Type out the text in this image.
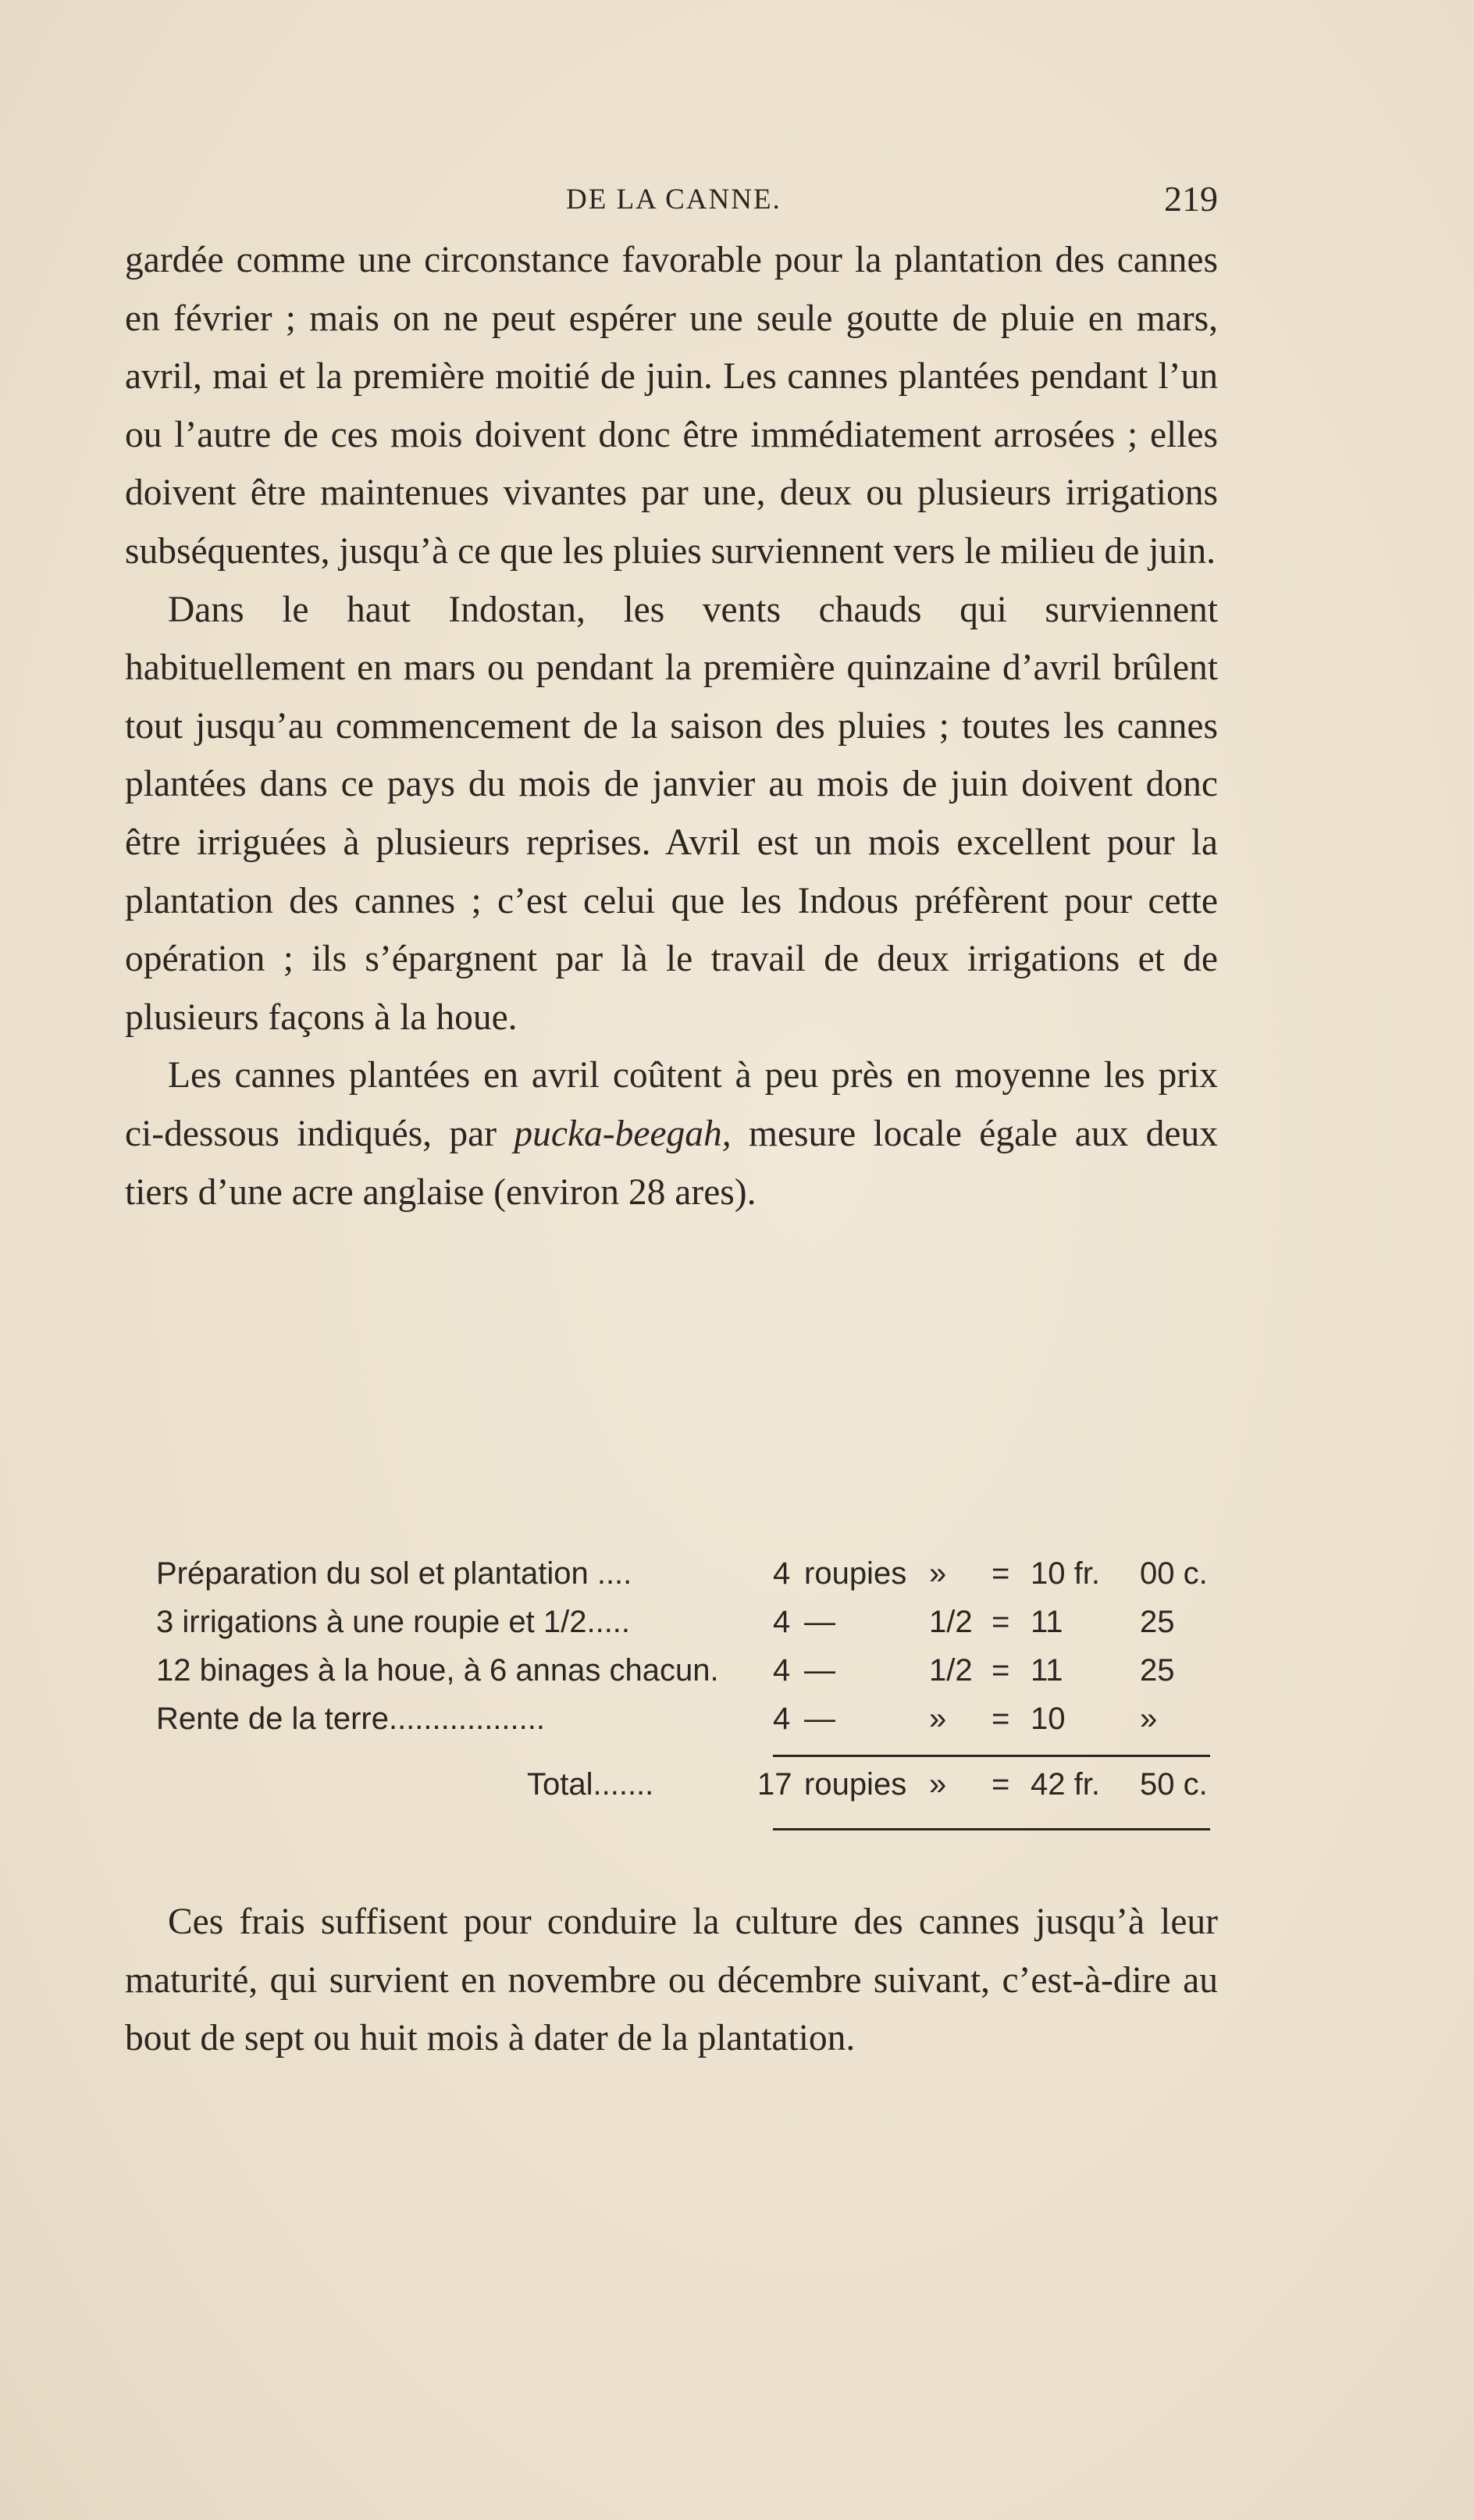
DE LA CANNE.	219

gardée comme une circonstance favorable pour la plantation des cannes en février ; mais on ne peut espérer une seule goutte de pluie en mars, avril, mai et la première moitié de juin. Les cannes plantées pendant l’un ou l’autre de ces mois doivent donc être immédiatement arrosées ; elles doivent être maintenues vivantes par une, deux ou plusieurs irrigations subséquentes, jusqu’à ce que les pluies surviennent vers le milieu de juin.

Dans le haut Indostan, les vents chauds qui surviennent habituellement en mars ou pendant la première quinzaine d’avril brûlent tout jusqu’au commencement de la saison des pluies ; toutes les cannes plantées dans ce pays du mois de janvier au mois de juin doivent donc être irriguées à plusieurs reprises. Avril est un mois excellent pour la plantation des cannes ; c’est celui que les Indous préfèrent pour cette opération ; ils s’épargnent par là le travail de deux irrigations et de plusieurs façons à la houe.

Les cannes plantées en avril coûtent à peu près en moyenne les prix ci-dessous indiqués, par pucka-beegah, mesure locale égale aux deux tiers d’une acre anglaise (environ 28 ares).

Préparation du sol et plantation ....	4 roupies » = 10 fr. 00 c.
3 irrigations à une roupie et 1/2.....	4 —	1/2 = 11 25
12 binages à la houe, à 6 annas chacun. 4 —	1/2 = 11 25
Rente de la terre..................	4 —	» = 10 »
Total.......	17 roupies » = 42 fr. 50 c.

Ces frais suffisent pour conduire la culture des cannes jusqu’à leur maturité, qui survient en novembre ou décembre suivant, c’est-à-dire au bout de sept ou huit mois à dater de la plantation.
